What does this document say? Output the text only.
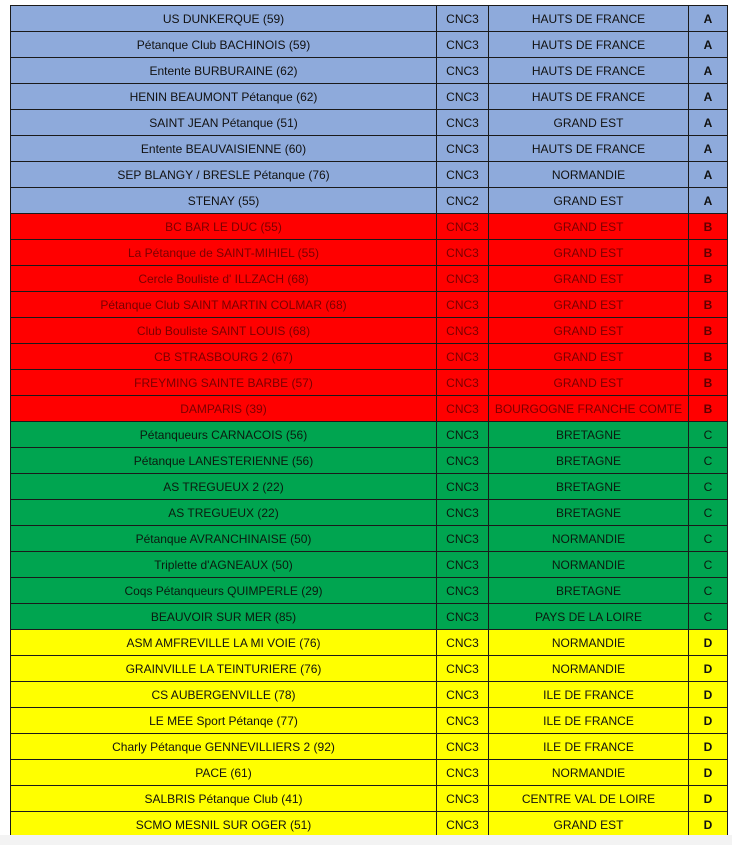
US DUNKERQUE (59)	CNC3	HAUTS DE FRANCE	A
Pétanque Club BACHINOIS (59)	CNC3	HAUTS DE FRANCE	A
Entente BURBURAINE (62)	CNC3	HAUTS DE FRANCE	A
HENIN BEAUMONT Pétanque (62)	CNC3	HAUTS DE FRANCE	A
SAINT JEAN Pétanque (51)	CNC3	GRAND EST	A
Entente BEAUVAISIENNE (60)	CNC3	HAUTS DE FRANCE	A
SEP BLANGY / BRESLE Pétanque (76)	CNC3	NORMANDIE	A
STENAY (55)	CNC2	GRAND EST	A
BC BAR LE DUC (55)	CNC3	GRAND EST	B
La Pétanque de SAINT-MIHIEL (55)	CNC3	GRAND EST	B
Cercle Bouliste d' ILLZACH (68)	CNC3	GRAND EST	B
Pétanque Club SAINT MARTIN COLMAR (68)	CNC3	GRAND EST	B
Club Bouliste SAINT LOUIS (68)	CNC3	GRAND EST	B
CB STRASBOURG 2 (67)	CNC3	GRAND EST	B
FREYMING SAINTE BARBE (57)	CNC3	GRAND EST	B
DAMPARIS (39)	CNC3	BOURGOGNE FRANCHE COMTE	B
Pétanqueurs CARNACOIS (56)	CNC3	BRETAGNE	C
Pétanque LANESTERIENNE (56)	CNC3	BRETAGNE	C
AS TREGUEUX 2 (22)	CNC3	BRETAGNE	C
AS TREGUEUX (22)	CNC3	BRETAGNE	C
Pétanque AVRANCHINAISE (50)	CNC3	NORMANDIE	C
Triplette d'AGNEAUX (50)	CNC3	NORMANDIE	C
Coqs Pétanqueurs QUIMPERLE (29)	CNC3	BRETAGNE	C
BEAUVOIR SUR MER (85)	CNC3	PAYS DE LA LOIRE	C
ASM AMFREVILLE LA MI VOIE (76)	CNC3	NORMANDIE	D
GRAINVILLE LA TEINTURIERE (76)	CNC3	NORMANDIE	D
CS AUBERGENVILLE (78)	CNC3	ILE DE FRANCE	D
LE MEE Sport Pétanqe (77)	CNC3	ILE DE FRANCE	D
Charly Pétanque GENNEVILLIERS 2 (92)	CNC3	ILE DE FRANCE	D
PACE (61)	CNC3	NORMANDIE	D
SALBRIS Pétanque Club (41)	CNC3	CENTRE VAL DE LOIRE	D
SCMO MESNIL SUR OGER (51)	CNC3	GRAND EST	D
